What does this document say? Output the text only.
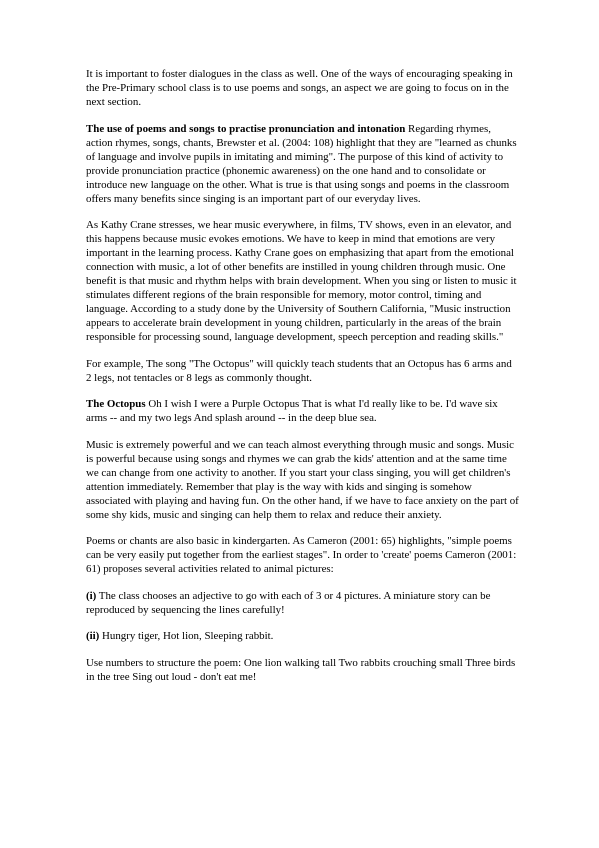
It is important to foster dialogues in the class as well. One of the ways of encouraging speaking in the Pre-Primary school class is to use poems and songs, an aspect we are going to focus on in the next section.

The use of poems and songs to practise pronunciation and intonation Regarding rhymes, action rhymes, songs, chants, Brewster et al. (2004: 108) highlight that they are "learned as chunks of language and involve pupils in imitating and miming". The purpose of this kind of activity to provide pronunciation practice (phonemic awareness) on the one hand and to consolidate or introduce new language on the other. What is true is that using songs and poems in the classroom offers many benefits since singing is an important part of our everyday lives.

As Kathy Crane stresses, we hear music everywhere, in films, TV shows, even in an elevator, and this happens because music evokes emotions. We have to keep in mind that emotions are very important in the learning process. Kathy Crane goes on emphasizing that apart from the emotional connection with music, a lot of other benefits are instilled in young children through music. One benefit is that music and rhythm helps with brain development. When you sing or listen to music it stimulates different regions of the brain responsible for memory, motor control, timing and language. According to a study done by the University of Southern California, "Music instruction appears to accelerate brain development in young children, particularly in the areas of the brain responsible for processing sound, language development, speech perception and reading skills."

For example, The song "The Octopus" will quickly teach students that an Octopus has 6 arms and 2 legs, not tentacles or 8 legs as commonly thought.

The Octopus Oh I wish I were a Purple Octopus That is what I'd really like to be. I'd wave six arms -- and my two legs And splash around -- in the deep blue sea.

Music is extremely powerful and we can teach almost everything through music and songs. Music is powerful because using songs and rhymes we can grab the kids' attention and at the same time we can change from one activity to another. If you start your class singing, you will get children's attention immediately. Remember that play is the way with kids and singing is somehow associated with playing and having fun. On the other hand, if we have to face anxiety on the part of some shy kids, music and singing can help them to relax and reduce their anxiety.

Poems or chants are also basic in kindergarten. As Cameron (2001: 65) highlights, "simple poems can be very easily put together from the earliest stages". In order to 'create' poems Cameron (2001: 61) proposes several activities related to animal pictures:

(i) The class chooses an adjective to go with each of 3 or 4 pictures. A miniature story can be reproduced by sequencing the lines carefully!

(ii) Hungry tiger, Hot lion, Sleeping rabbit.

Use numbers to structure the poem: One lion walking tall Two rabbits crouching small Three birds in the tree Sing out loud - don't eat me!
